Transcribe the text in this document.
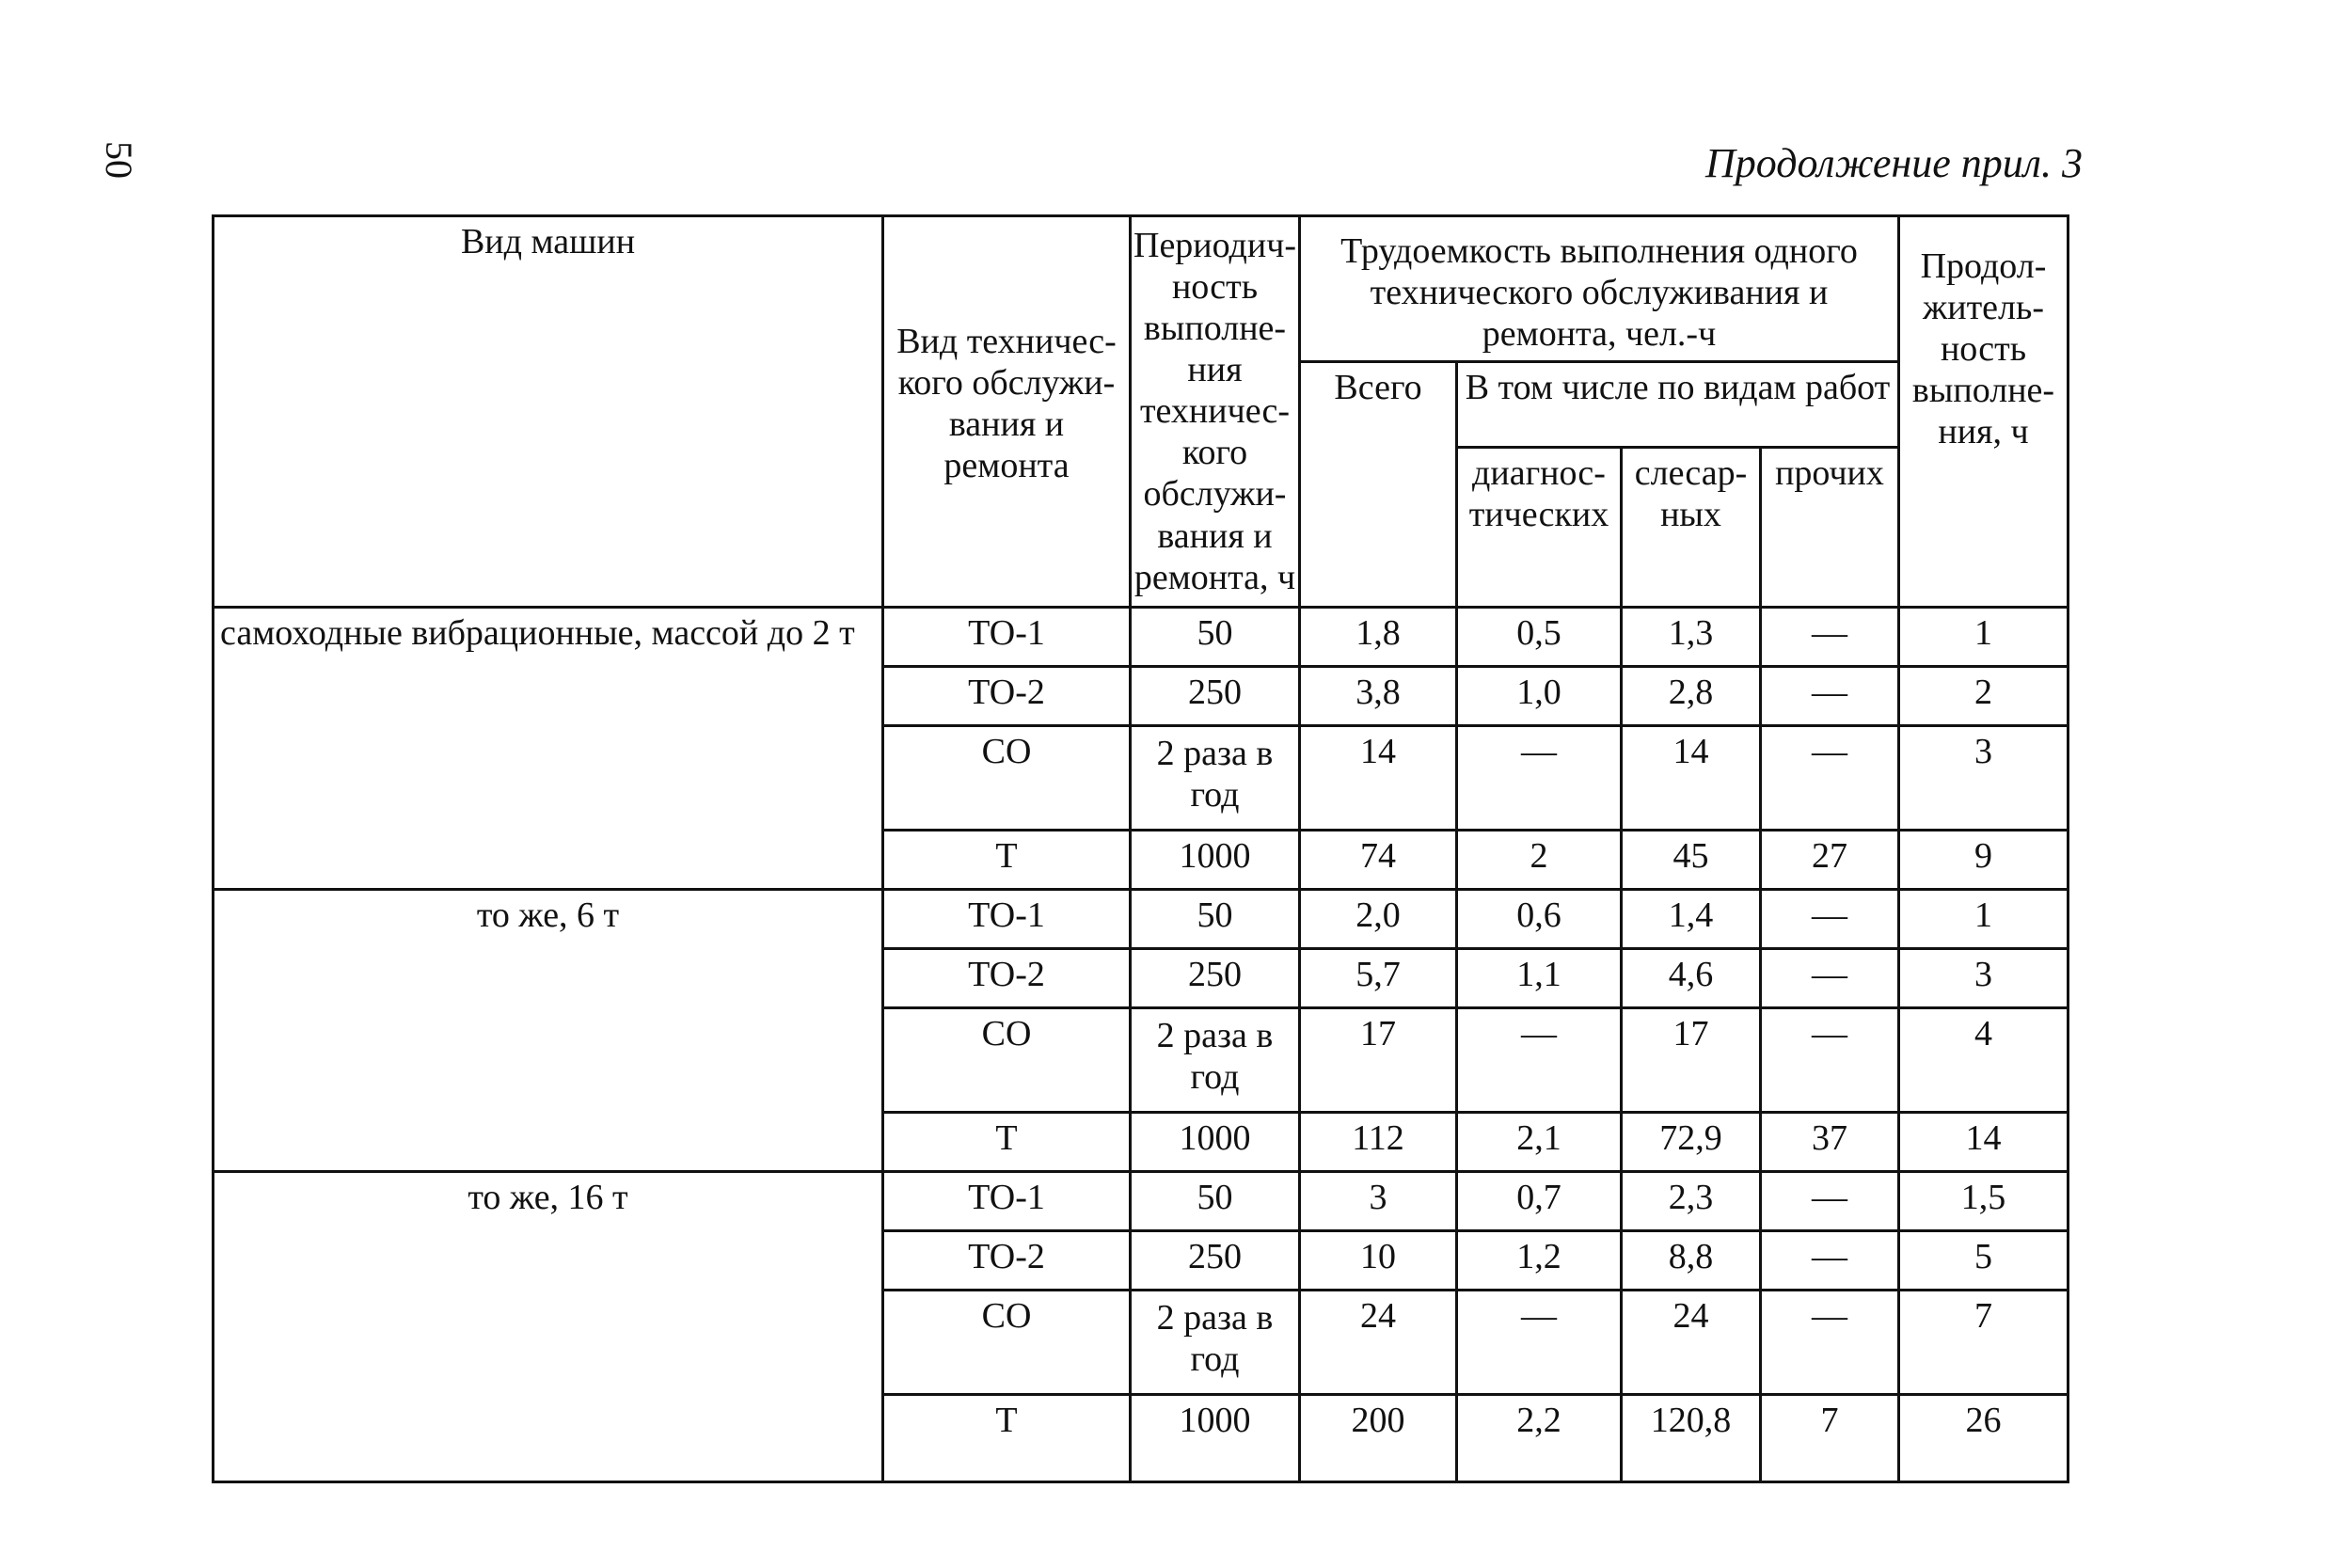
50	Продолжение прил. 3
Вид машин	Вид техничес- кого обслужи- вания и ремонта	Периодич- ность выполне- ния техничес- кого обслужи- вания и ремонта, ч	Трудоемкость выполнения одного технического обслуживания и ремонта, чел.-ч				Продол- житель- ность выполне- ния, ч
			Всего	В том числе по видам работ			
				диагнос- тических	слесар- ных	прочих	
самоходные вибрационные, массой до 2 т	ТО-1	50	1,8	0,5	1,3	—	1
	ТО-2	250	3,8	1,0	2,8	—	2
	СО	2 раза в год	14	—	14	—	3
	Т	1000	74	2	45	27	9
то же, 6 т	ТО-1	50	2,0	0,6	1,4	—	1
	ТО-2	250	5,7	1,1	4,6	—	3
	СО	2 раза в год	17	—	17	—	4
	Т	1000	112	2,1	72,9	37	14
то же, 16 т	ТО-1	50	3	0,7	2,3	—	1,5
	ТО-2	250	10	1,2	8,8	—	5
	СО	2 раза в год	24	—	24	—	7
	Т	1000	200	2,2	120,8	7	26
